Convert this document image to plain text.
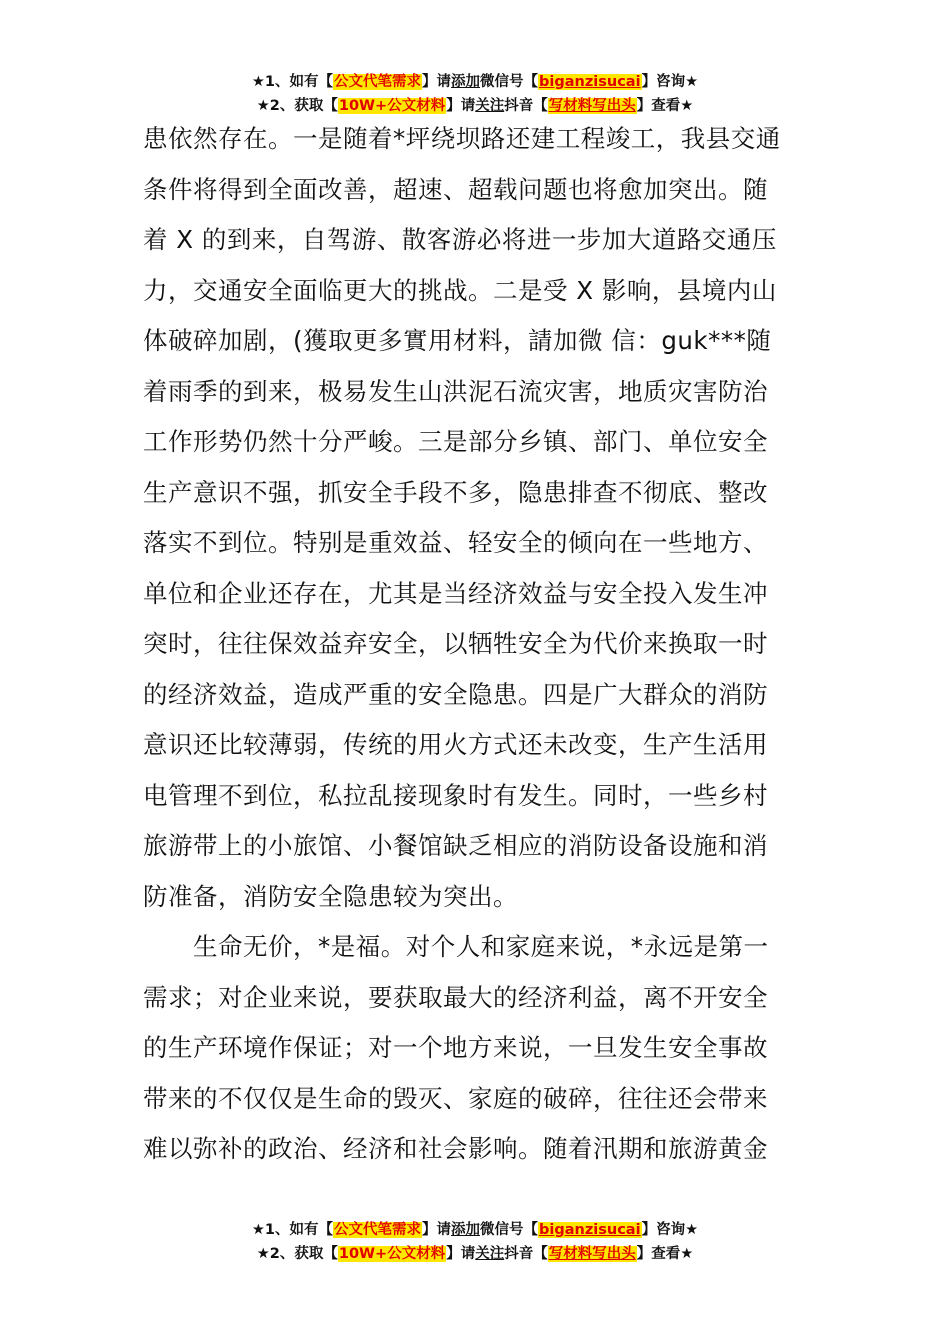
★1、如有【公文代笔需求】请添加微信号【biganzisucai】咨询★
★2、获取【10W+公文材料】请关注抖音【写材料写出头】查看★
患依然存在。一是随着*坪绕坝路还建工程竣工，我县交通
条件将得到全面改善，超速、超载问题也将愈加突出。随
着 X 的到来，自驾游、散客游必将进一步加大道路交通压
力，交通安全面临更大的挑战。二是受 X 影响，县境内山
体破碎加剧，(獲取更多實用材料，請加微 信：guk***随
着雨季的到来，极易发生山洪泥石流灾害，地质灾害防治
工作形势仍然十分严峻。三是部分乡镇、部门、单位安全
生产意识不强，抓安全手段不多，隐患排查不彻底、整改
落实不到位。特别是重效益、轻安全的倾向在一些地方、
单位和企业还存在，尤其是当经济效益与安全投入发生冲
突时，往往保效益弃安全，以牺牲安全为代价来换取一时
的经济效益，造成严重的安全隐患。四是广大群众的消防
意识还比较薄弱，传统的用火方式还未改变，生产生活用
电管理不到位，私拉乱接现象时有发生。同时，一些乡村
旅游带上的小旅馆、小餐馆缺乏相应的消防设备设施和消
防准备，消防安全隐患较为突出。
生命无价，*是福。对个人和家庭来说，*永远是第一
需求；对企业来说，要获取最大的经济利益，离不开安全
的生产环境作保证；对一个地方来说，一旦发生安全事故
带来的不仅仅是生命的毁灭、家庭的破碎，往往还会带来
难以弥补的政治、经济和社会影响。随着汛期和旅游黄金
★1、如有【公文代笔需求】请添加微信号【biganzisucai】咨询★
★2、获取【10W+公文材料】请关注抖音【写材料写出头】查看★
